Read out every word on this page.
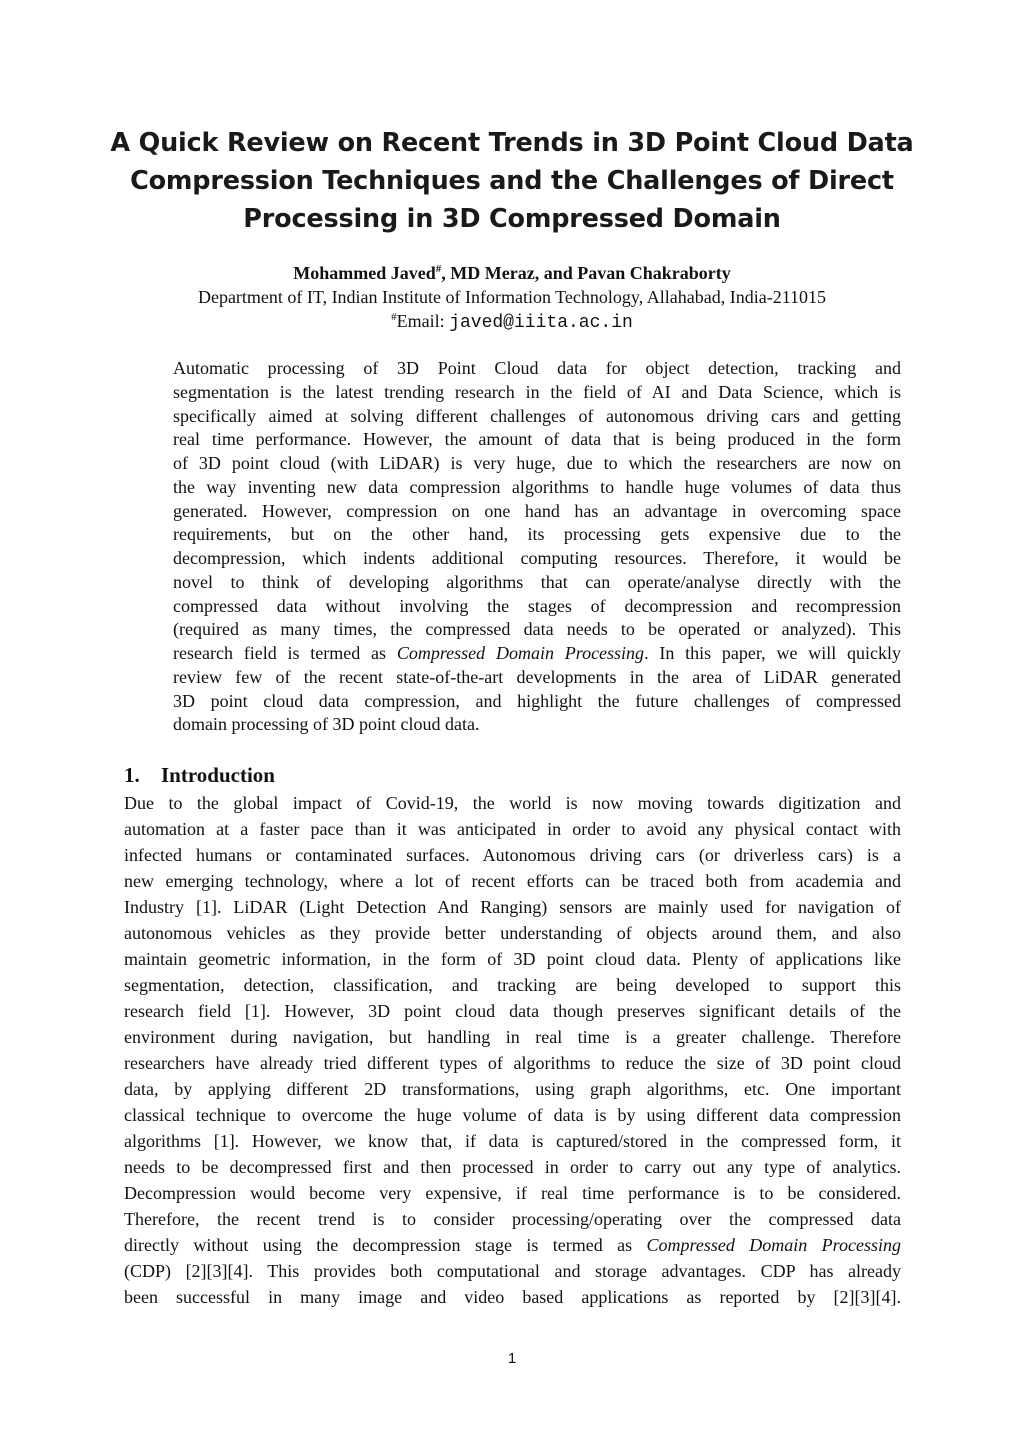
A Quick Review on Recent Trends in 3D Point Cloud Data
Compression Techniques and the Challenges of Direct
Processing in 3D Compressed Domain
Mohammed Javed#, MD Meraz, and Pavan Chakraborty
Department of IT, Indian Institute of Information Technology, Allahabad, India-211015
#Email: javed@iiita.ac.in
Automatic processing of 3D Point Cloud data for object detection, tracking and
segmentation is the latest trending research in the field of AI and Data Science, which is
specifically aimed at solving different challenges of autonomous driving cars and getting
real time performance. However, the amount of data that is being produced in the form
of 3D point cloud (with LiDAR) is very huge, due to which the researchers are now on
the way inventing new data compression algorithms to handle huge volumes of data thus
generated. However, compression on one hand has an advantage in overcoming space
requirements, but on the other hand, its processing gets expensive due to the
decompression, which indents additional computing resources. Therefore, it would be
novel to think of developing algorithms that can operate/analyse directly with the
compressed data without involving the stages of decompression and recompression
(required as many times, the compressed data needs to be operated or analyzed). This
research field is termed as Compressed Domain Processing. In this paper, we will quickly
review few of the recent state-of-the-art developments in the area of LiDAR generated
3D point cloud data compression, and highlight the future challenges of compressed
domain processing of 3D point cloud data.
1. Introduction
Due to the global impact of Covid-19, the world is now moving towards digitization and
automation at a faster pace than it was anticipated in order to avoid any physical contact with
infected humans or contaminated surfaces. Autonomous driving cars (or driverless cars) is a
new emerging technology, where a lot of recent efforts can be traced both from academia and
Industry [1]. LiDAR (Light Detection And Ranging) sensors are mainly used for navigation of
autonomous vehicles as they provide better understanding of objects around them, and also
maintain geometric information, in the form of 3D point cloud data. Plenty of applications like
segmentation, detection, classification, and tracking are being developed to support this
research field [1]. However, 3D point cloud data though preserves significant details of the
environment during navigation, but handling in real time is a greater challenge. Therefore
researchers have already tried different types of algorithms to reduce the size of 3D point cloud
data, by applying different 2D transformations, using graph algorithms, etc. One important
classical technique to overcome the huge volume of data is by using different data compression
algorithms [1]. However, we know that, if data is captured/stored in the compressed form, it
needs to be decompressed first and then processed in order to carry out any type of analytics.
Decompression would become very expensive, if real time performance is to be considered.
Therefore, the recent trend is to consider processing/operating over the compressed data
directly without using the decompression stage is termed as Compressed Domain Processing
(CDP) [2][3][4]. This provides both computational and storage advantages. CDP has already
been successful in many image and video based applications as reported by [2][3][4].
1
